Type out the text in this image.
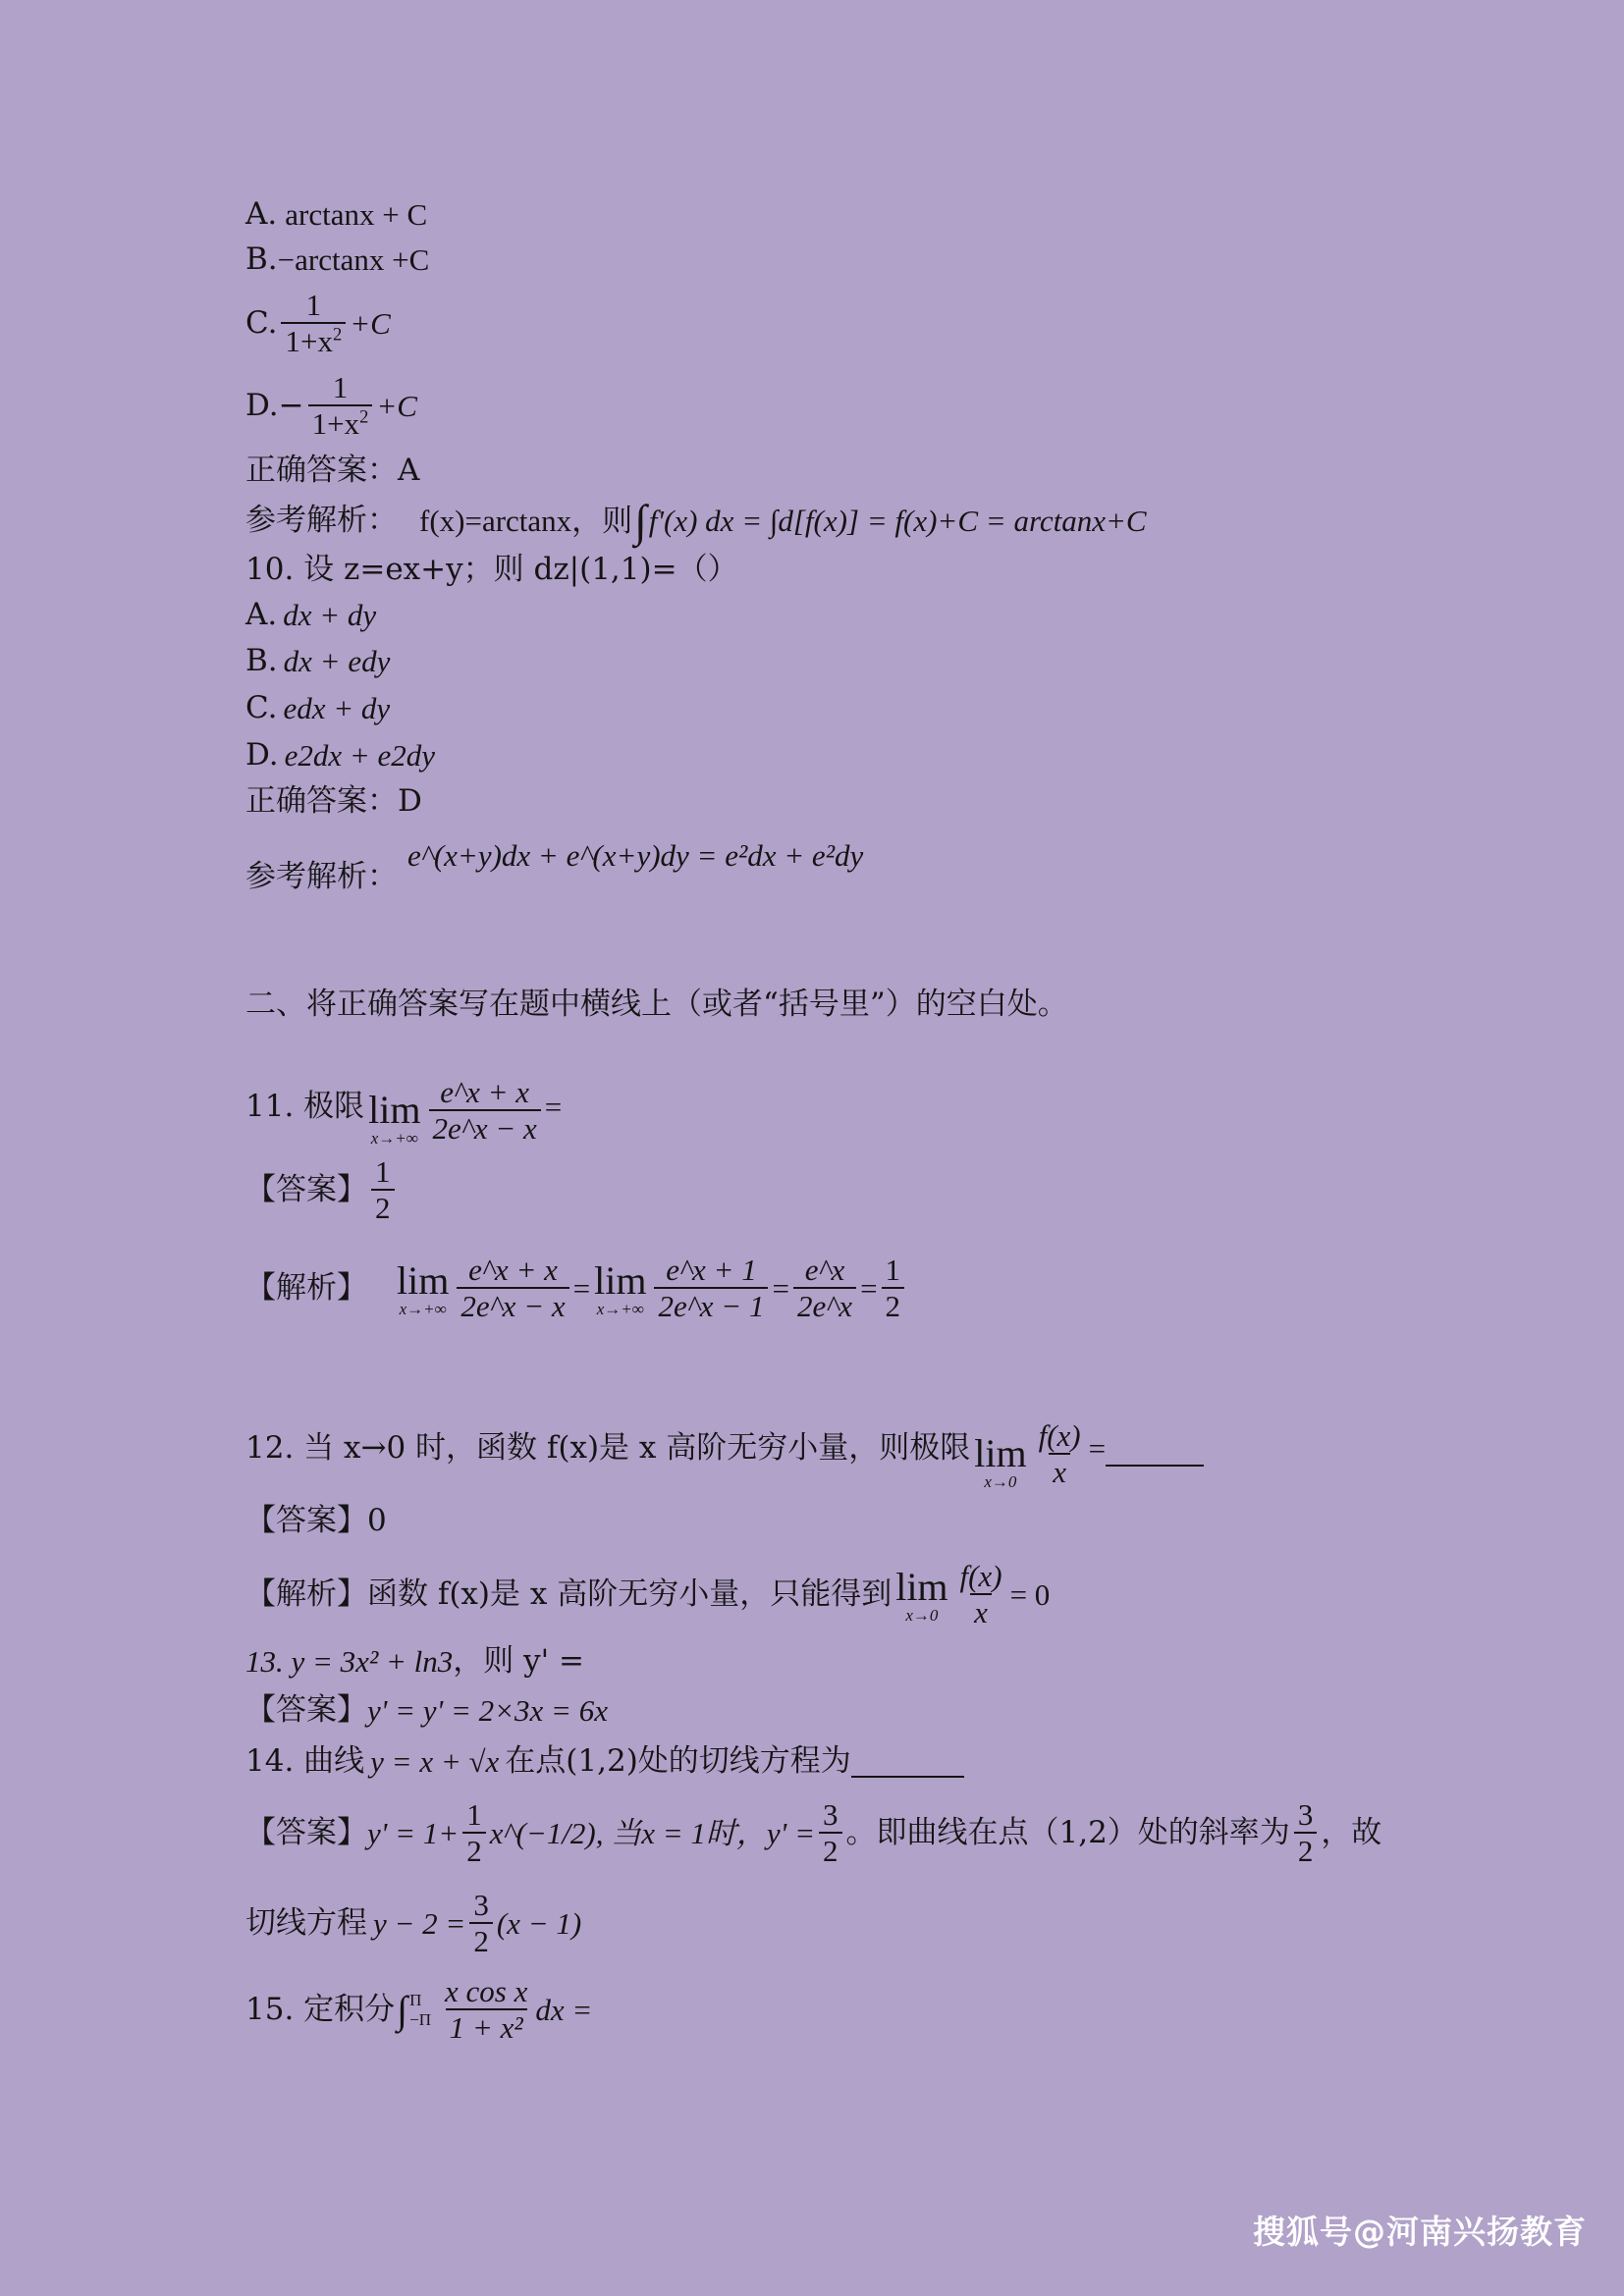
A. arctanx + C
B. −arctanx +C
C. $\frac{1}{1+x^2} +C$
$D.- \frac{1}{1+x^2} +C$
正确答案：A
参考解析： f(x)=arctanx，则 ∫ f'(x) dx = ∫d[f(x)] = f(x)+C = arctanx+C
10. 设 z=ex+y；则 dz|(1,1)=（）
A. dx + dy
B. dx + edy
C. edx + dy
D. e2dx + e2dy
正确答案：D
参考解析：
e^(x+y)dx + e^(x+y)dy = e²dx + e²dy
二、将正确答案写在题中横线上（或者“括号里”）的空白处。
11. 极限 lim
$x\to+\infty \frac{e\^{}x + x}{2e\^{}x - x}$ =
【答案】 $\frac{1}{2}$
【解析】 lim
$x\to+\infty \frac{e\^{}x + x}{2e\^{}x - x} = \lim$
$x\to+\infty \frac{e\^{}x + 1}{2e\^{}x - 1} = \frac{e\^{}x}{2e\^{}x} = \frac{1}{2}$
12. 当 x→0 时，函数 f(x)是 x 高阶无穷小量，则极限 lim
$x\to 0 \frac{f(x)}{x}$ =
【答案】0
【解析】函数 f(x)是 x 高阶无穷小量，只能得到 lim
$x\to 0 \frac{f(x)}{x} = 0$
13. y = 3x² + ln3 ，则 y' =
【答案】 y' = y' = 2×3x = 6x
14. 曲线 y = x + √x 在点(1,2)处的切线方程为
【答案】 $y' = 1+ \frac{1}{2}$ x^(−1/2), 当x = 1时，$y' = \frac{3}{2}$ 。即曲线在点（1,2）处的斜率为 $\frac{3}{2}$ ，故
切线方程 $y - 2 = \frac{3}{2} (x - 1)$
15. 定积分 ∫ Π
$-\Pi \frac{\text{x cos x}}{\text{1 + x²}}$ dx =
搜狐号@河南兴扬教育
